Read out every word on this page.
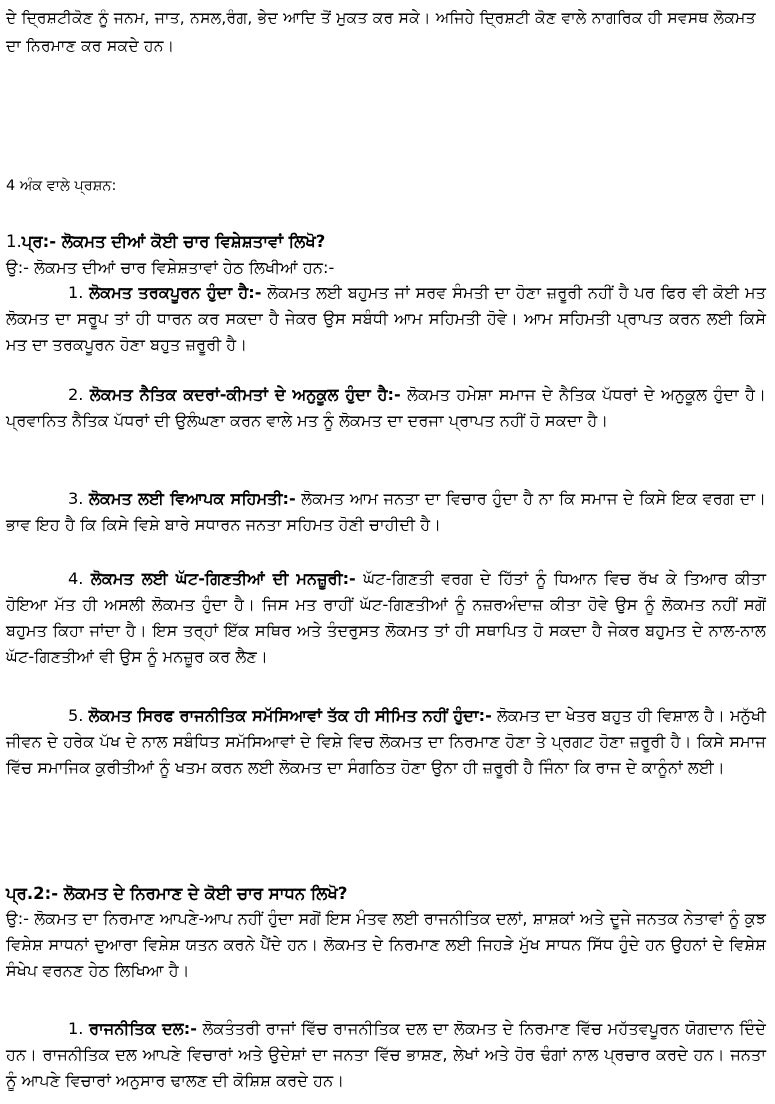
ਦੇ ਦ੍ਰਿਸ਼ਟੀਕੋਣ ਨੂੰ ਜਨਮ, ਜਾਤ, ਨਸਲ,ਰੰਗ, ਭੇਦ ਆਦਿ ਤੋਂ ਮੁਕਤ ਕਰ ਸਕੇ। ਅਜਿਹੇ ਦ੍ਰਿਸ਼ਟੀ ਕੋਣ ਵਾਲੇ ਨਾਗਰਿਕ ਹੀ ਸਵਸਥ ਲੋਕਮਤ ਦਾ ਨਿਰਮਾਣ ਕਰ ਸਕਦੇ ਹਨ।

4 ਅੰਕ ਵਾਲੇ ਪ੍ਰਸ਼ਨ:

1.ਪ੍ਰ:- ਲੋਕਮਤ ਦੀਆਂ ਕੋਈ ਚਾਰ ਵਿਸ਼ੇਸ਼ਤਾਵਾਂ ਲਿਖੋ?

ਉ:- ਲੋਕਮਤ ਦੀਆਂ ਚਾਰ ਵਿਸ਼ੇਸ਼ਤਾਵਾਂ ਹੇਠ ਲਿਖੀਆਂ ਹਨ:-

1. ਲੋਕਮਤ ਤਰਕਪੂਰਨ ਹੁੰਦਾ ਹੈ:- ਲੋਕਮਤ ਲਈ ਬਹੁਮਤ ਜਾਂ ਸਰਵ ਸੰਮਤੀ ਦਾ ਹੋਣਾ ਜ਼ਰੂਰੀ ਨਹੀਂ ਹੈ ਪਰ ਫਿਰ ਵੀ ਕੋਈ ਮਤ ਲੋਕਮਤ ਦਾ ਸਰੂਪ ਤਾਂ ਹੀ ਧਾਰਨ ਕਰ ਸਕਦਾ ਹੈ ਜੇਕਰ ਉਸ ਸਬੰਧੀ ਆਮ ਸਹਿਮਤੀ ਹੋਵੇ। ਆਮ ਸਹਿਮਤੀ ਪ੍ਰਾਪਤ ਕਰਨ ਲਈ ਕਿਸੇ ਮਤ ਦਾ ਤਰਕਪੂਰਨ ਹੋਣਾ ਬਹੁਤ ਜ਼ਰੂਰੀ ਹੈ।

2. ਲੋਕਮਤ ਨੈਤਿਕ ਕਦਰਾਂ-ਕੀਮਤਾਂ ਦੇ ਅਨੁਕੂਲ ਹੁੰਦਾ ਹੈ:- ਲੋਕਮਤ ਹਮੇਸ਼ਾ ਸਮਾਜ ਦੇ ਨੈਤਿਕ ਪੱਧਰਾਂ ਦੇ ਅਨੁਕੂਲ ਹੁੰਦਾ ਹੈ। ਪ੍ਰਵਾਨਿਤ ਨੈਤਿਕ ਪੱਧਰਾਂ ਦੀ ਉਲੰਘਣਾ ਕਰਨ ਵਾਲੇ ਮਤ ਨੂੰ ਲੋਕਮਤ ਦਾ ਦਰਜਾ ਪ੍ਰਾਪਤ ਨਹੀਂ ਹੋ ਸਕਦਾ ਹੈ।

3. ਲੋਕਮਤ ਲਈ ਵਿਆਪਕ ਸਹਿਮਤੀ:- ਲੋਕਮਤ ਆਮ ਜਨਤਾ ਦਾ ਵਿਚਾਰ ਹੁੰਦਾ ਹੈ ਨਾ ਕਿ ਸਮਾਜ ਦੇ ਕਿਸੇ ਇਕ ਵਰਗ ਦਾ। ਭਾਵ ਇਹ ਹੈ ਕਿ ਕਿਸੇ ਵਿਸ਼ੇ ਬਾਰੇ ਸਧਾਰਨ ਜਨਤਾ ਸਹਿਮਤ ਹੋਣੀ ਚਾਹੀਦੀ ਹੈ।

4. ਲੋਕਮਤ ਲਈ ਘੱਟ-ਗਿਣਤੀਆਂ ਦੀ ਮਨਜ਼ੂਰੀ:- ਘੱਟ-ਗਿਣਤੀ ਵਰਗ ਦੇ ਹਿੱਤਾਂ ਨੂੰ ਧਿਆਨ ਵਿਚ ਰੱਖ ਕੇ ਤਿਆਰ ਕੀਤਾ ਹੋਇਆ ਮੱਤ ਹੀ ਅਸਲੀ ਲੋਕਮਤ ਹੁੰਦਾ ਹੈ। ਜਿਸ ਮਤ ਰਾਹੀਂ ਘੱਟ-ਗਿਣਤੀਆਂ ਨੂੰ ਨਜ਼ਰਅੰਦਾਜ਼ ਕੀਤਾ ਹੋਵੇ ਉਸ ਨੂੰ ਲੋਕਮਤ ਨਹੀਂ ਸਗੋਂ ਬਹੁਮਤ ਕਿਹਾ ਜਾਂਦਾ ਹੈ। ਇਸ ਤਰ੍ਹਾਂ ਇੱਕ ਸਥਿਰ ਅਤੇ ਤੰਦਰੁਸਤ ਲੋਕਮਤ ਤਾਂ ਹੀ ਸਥਾਪਿਤ ਹੋ ਸਕਦਾ ਹੈ ਜੇਕਰ ਬਹੁਮਤ ਦੇ ਨਾਲ-ਨਾਲ ਘੱਟ-ਗਿਣਤੀਆਂ ਵੀ ਉਸ ਨੂੰ ਮਨਜ਼ੂਰ ਕਰ ਲੈਣ।

5. ਲੋਕਮਤ ਸਿਰਫ ਰਾਜਨੀਤਿਕ ਸਮੱਸਿਆਵਾਂ ਤੱਕ ਹੀ ਸੀਮਿਤ ਨਹੀਂ ਹੁੰਦਾ:- ਲੋਕਮਤ ਦਾ ਖੇਤਰ ਬਹੁਤ ਹੀ ਵਿਸ਼ਾਲ ਹੈ। ਮਨੁੱਖੀ ਜੀਵਨ ਦੇ ਹਰੇਕ ਪੱਖ ਦੇ ਨਾਲ ਸਬੰਧਿਤ ਸਮੱਸਿਆਵਾਂ ਦੇ ਵਿਸ਼ੇ ਵਿਚ ਲੋਕਮਤ ਦਾ ਨਿਰਮਾਣ ਹੋਣਾ ਤੇ ਪ੍ਰਗਟ ਹੋਣਾ ਜ਼ਰੂਰੀ ਹੈ। ਕਿਸੇ ਸਮਾਜ ਵਿੱਚ ਸਮਾਜਿਕ ਕੁਰੀਤੀਆਂ ਨੂੰ ਖਤਮ ਕਰਨ ਲਈ ਲੋਕਮਤ ਦਾ ਸੰਗਠਿਤ ਹੋਣਾ ਉਨਾ ਹੀ ਜ਼ਰੂਰੀ ਹੈ ਜਿੰਨਾ ਕਿ ਰਾਜ ਦੇ ਕਾਨੂੰਨਾਂ ਲਈ।

ਪ੍ਰ.2:- ਲੋਕਮਤ ਦੇ ਨਿਰਮਾਣ ਦੇ ਕੋਈ ਚਾਰ ਸਾਧਨ ਲਿਖੋ?

ਉ:- ਲੋਕਮਤ ਦਾ ਨਿਰਮਾਣ ਆਪਣੇ-ਆਪ ਨਹੀਂ ਹੁੰਦਾ ਸਗੋਂ ਇਸ ਮੰਤਵ ਲਈ ਰਾਜਨੀਤਿਕ ਦਲਾਂ, ਸ਼ਾਸ਼ਕਾਂ ਅਤੇ ਦੂਜੇ ਜਨਤਕ ਨੇਤਾਵਾਂ ਨੂੰ ਕੁਝ ਵਿਸ਼ੇਸ਼ ਸਾਧਨਾਂ ਦੁਆਰਾ ਵਿਸ਼ੇਸ਼ ਯਤਨ ਕਰਨੇ ਪੈਂਦੇ ਹਨ। ਲੋਕਮਤ ਦੇ ਨਿਰਮਾਣ ਲਈ ਜਿਹੜੇ ਮੁੱਖ ਸਾਧਨ ਸਿੱਧ ਹੁੰਦੇ ਹਨ ਉਹਨਾਂ ਦੇ ਵਿਸ਼ੇਸ਼ ਸੰਖੇਪ ਵਰਨਣ ਹੇਠ ਲਿਖਿਆ ਹੈ।

1. ਰਾਜਨੀਤਿਕ ਦਲ:- ਲੋਕਤੰਤਰੀ ਰਾਜਾਂ ਵਿੱਚ ਰਾਜਨੀਤਿਕ ਦਲ ਦਾ ਲੋਕਮਤ ਦੇ ਨਿਰਮਾਣ ਵਿੱਚ ਮਹੱਤਵਪੂਰਨ ਯੋਗਦਾਨ ਦਿੰਦੇ ਹਨ। ਰਾਜਨੀਤਿਕ ਦਲ ਆਪਣੇ ਵਿਚਾਰਾਂ ਅਤੇ ਉਦੇਸ਼ਾਂ ਦਾ ਜਨਤਾ ਵਿੱਚ ਭਾਸ਼ਣ, ਲੇਖਾਂ ਅਤੇ ਹੋਰ ਢੰਗਾਂ ਨਾਲ ਪ੍ਰਚਾਰ ਕਰਦੇ ਹਨ। ਜਨਤਾ ਨੂੰ ਆਪਣੇ ਵਿਚਾਰਾਂ ਅਨੁਸਾਰ ਢਾਲਣ ਦੀ ਕੋਸ਼ਿਸ਼ ਕਰਦੇ ਹਨ।
